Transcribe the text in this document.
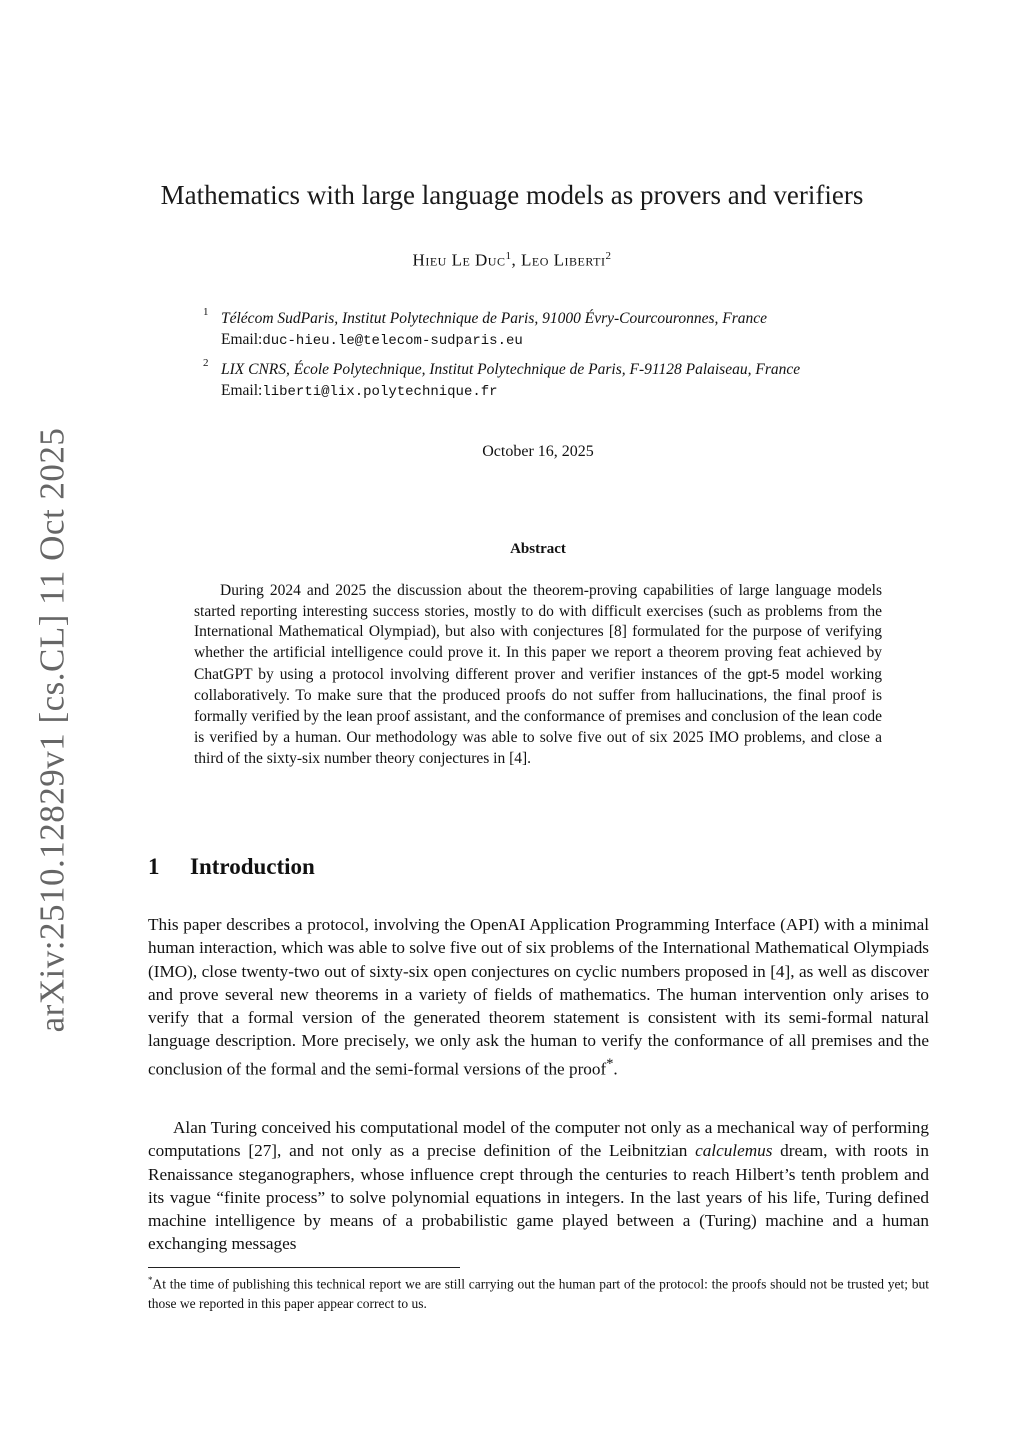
arXiv:2510.12829v1 [cs.CL] 11 Oct 2025
Mathematics with large language models as provers and verifiers
Hieu Le Duc$^1$, Leo Liberti$^2$
1 Télécom SudParis, Institut Polytechnique de Paris, 91000 Évry-Courcouronnes, France
Email:duc-hieu.le@telecom-sudparis.eu
2 LIX CNRS, École Polytechnique, Institut Polytechnique de Paris, F-91128 Palaiseau, France
Email:liberti@lix.polytechnique.fr
October 16, 2025
Abstract

During 2024 and 2025 the discussion about the theorem-proving capabilities of large language models started reporting interesting success stories, mostly to do with difficult exercises (such as problems from the International Mathematical Olympiad), but also with conjectures [8] formulated for the purpose of verifying whether the artificial intelligence could prove it. In this paper we report a theorem proving feat achieved by ChatGPT by using a protocol involving different prover and verifier instances of the gpt-5 model working collaboratively. To make sure that the produced proofs do not suffer from hallucinations, the final proof is formally verified by the lean proof assistant, and the conformance of premises and conclusion of the lean code is verified by a human. Our methodology was able to solve five out of six 2025 IMO problems, and close a third of the sixty-six number theory conjectures in [4].

1 Introduction

This paper describes a protocol, involving the OpenAI Application Programming Interface (API) with a minimal human interaction, which was able to solve five out of six problems of the International Mathematical Olympiads (IMO), close twenty-two out of sixty-six open conjectures on cyclic numbers proposed in [4], as well as discover and prove several new theorems in a variety of fields of mathematics. The human intervention only arises to verify that a formal version of the generated theorem statement is consistent with its semi-formal natural language description. More precisely, we only ask the human to verify the conformance of all premises and the conclusion of the formal and the semi-formal versions of the proof*.

Alan Turing conceived his computational model of the computer not only as a mechanical way of performing computations [27], and not only as a precise definition of the Leibnitzian calculemus dream, with roots in Renaissance steganographers, whose influence crept through the centuries to reach Hilbert’s tenth problem and its vague “finite process” to solve polynomial equations in integers. In the last years of his life, Turing defined machine intelligence by means of a probabilistic game played between a (Turing) machine and a human exchanging messages

*At the time of publishing this technical report we are still carrying out the human part of the protocol: the proofs should not be trusted yet; but those we reported in this paper appear correct to us.
